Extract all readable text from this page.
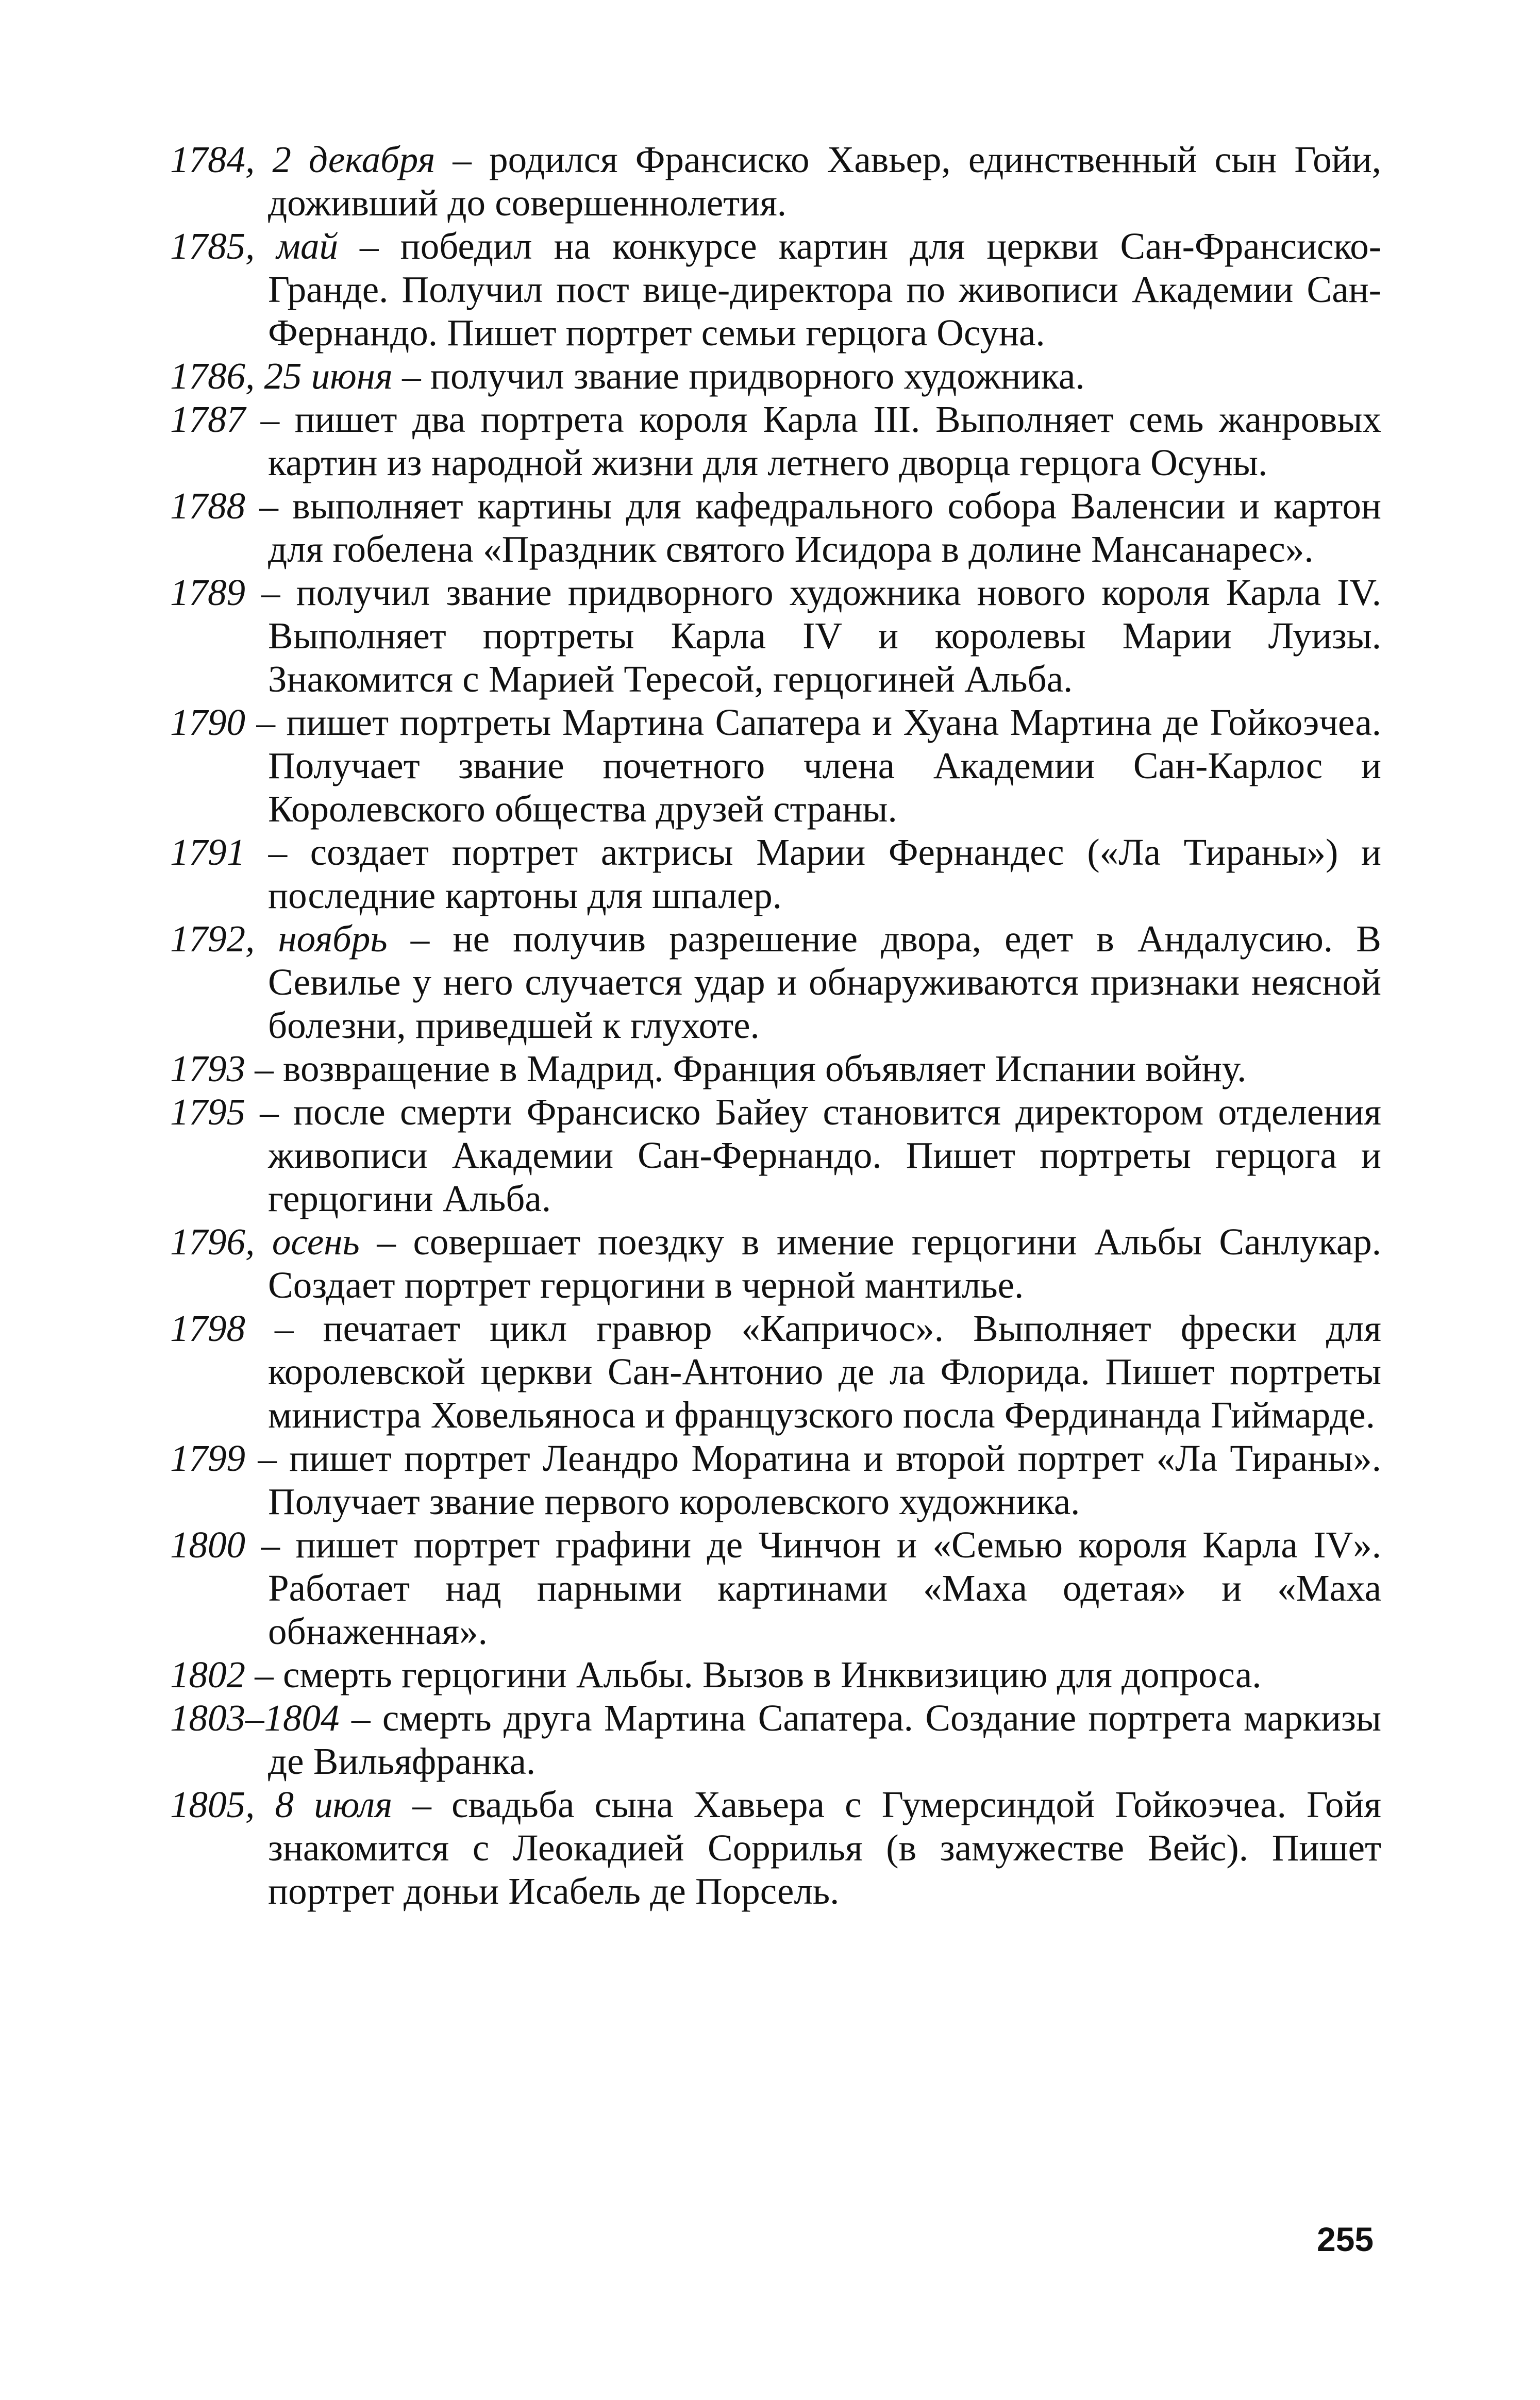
1784, 2 декабря – родился Франсиско Хавьер, единственный сын Гойи, доживший до совершеннолетия.

1785, май – победил на конкурсе картин для церкви Сан-Франсиско-Гранде. Получил пост вице-директора по живописи Академии Сан-Фернандо. Пишет портрет семьи герцога Осуна.

1786, 25 июня – получил звание придворного художника.

1787 – пишет два портрета короля Карла III. Выполняет семь жанровых картин из народной жизни для летнего дворца герцога Осуны.

1788 – выполняет картины для кафедрального собора Валенсии и картон для гобелена «Праздник святого Исидора в долине Мансанарес».

1789 – получил звание придворного художника нового короля Карла IV. Выполняет портреты Карла IV и королевы Марии Луизы. Знакомится с Марией Тересой, герцогиней Альба.

1790 – пишет портреты Мартина Сапатера и Хуана Мартина де Гойкоэчеа. Получает звание почетного члена Академии Сан-Карлос и Королевского общества друзей страны.

1791 – создает портрет актрисы Марии Фернандес («Ла Тираны») и последние картоны для шпалер.

1792, ноябрь – не получив разрешение двора, едет в Андалусию. В Севилье у него случается удар и обнаруживаются признаки неясной болезни, приведшей к глухоте.

1793 – возвращение в Мадрид. Франция объявляет Испании войну.

1795 – после смерти Франсиско Байеу становится директором отделения живописи Академии Сан-Фернандо. Пишет портреты герцога и герцогини Альба.

1796, осень – совершает поездку в имение герцогини Альбы Санлукар. Создает портрет герцогини в черной мантилье.

1798 – печатает цикл гравюр «Капричос». Выполняет фрески для королевской церкви Сан-Антонио де ла Флорида. Пишет портреты министра Ховельяноса и французского посла Фердинанда Гиймарде.

1799 – пишет портрет Леандро Моратина и второй портрет «Ла Тираны». Получает звание первого королевского художника.

1800 – пишет портрет графини де Чинчон и «Семью короля Карла IV». Работает над парными картинами «Маха одетая» и «Маха обнаженная».

1802 – смерть герцогини Альбы. Вызов в Инквизицию для допроса.

1803–1804 – смерть друга Мартина Сапатера. Создание портрета маркизы де Вильяфранка.

1805, 8 июля – свадьба сына Хавьера с Гумерсиндой Гойкоэчеа. Гойя знакомится с Леокадией Соррилья (в замужестве Вейс). Пишет портрет доньи Исабель де Порсель.

255
